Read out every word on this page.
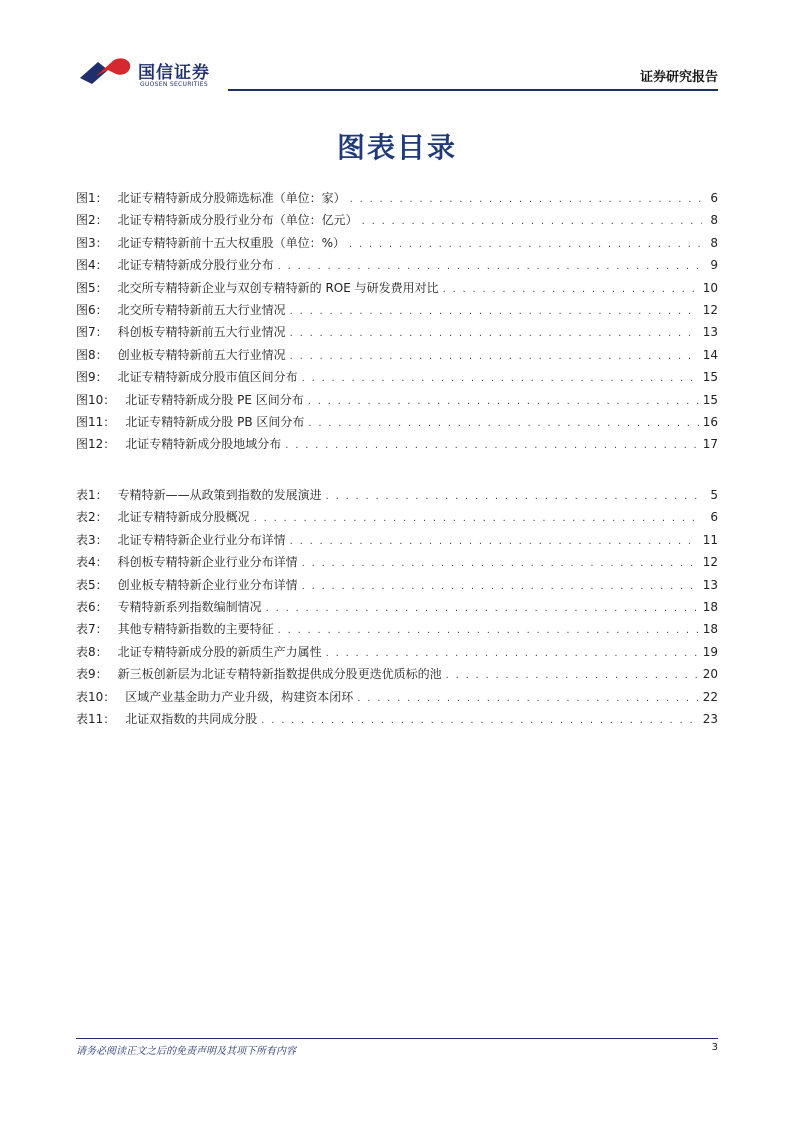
国信证券
GUOSEN SECURITIES	证券研究报告
图表目录
图1： 北证专精特新成分股筛选标准（单位：家） . . .	6
图2： 北证专精特新成分股行业分布（单位：亿元） . . .	8
图3： 北证专精特新前十五大权重股（单位：%） . . .	8
图4： 北证专精特新成分股行业分布 . . .	9
图5： 北交所专精特新企业与双创专精特新的 ROE 与研发费用对比 . . .	10
图6： 北交所专精特新前五大行业情况 . . .	12
图7： 科创板专精特新前五大行业情况 . . .	13
图8： 创业板专精特新前五大行业情况 . . .	14
图9： 北证专精特新成分股市值区间分布 . . .	15
图10： 北证专精特新成分股 PE 区间分布 . . .	15
图11： 北证专精特新成分股 PB 区间分布 . . .	16
图12： 北证专精特新成分股地域分布 . . .	17
表1： 专精特新——从政策到指数的发展演进 . . .	5
表2： 北证专精特新成分股概况 . . .	6
表3： 北证专精特新企业行业分布详情 . . .	11
表4： 科创板专精特新企业行业分布详情 . . .	12
表5： 创业板专精特新企业行业分布详情 . . .	13
表6： 专精特新系列指数编制情况 . . .	18
表7： 其他专精特新指数的主要特征 . . .	18
表8： 北证专精特新成分股的新质生产力属性 . . .	19
表9： 新三板创新层为北证专精特新指数提供成分股更迭优质标的池 . . .	20
表10： 区域产业基金助力产业升级，构建资本闭环 . . .	22
表11： 北证双指数的共同成分股 . . .	23
请务必阅读正文之后的免责声明及其项下所有内容	3
